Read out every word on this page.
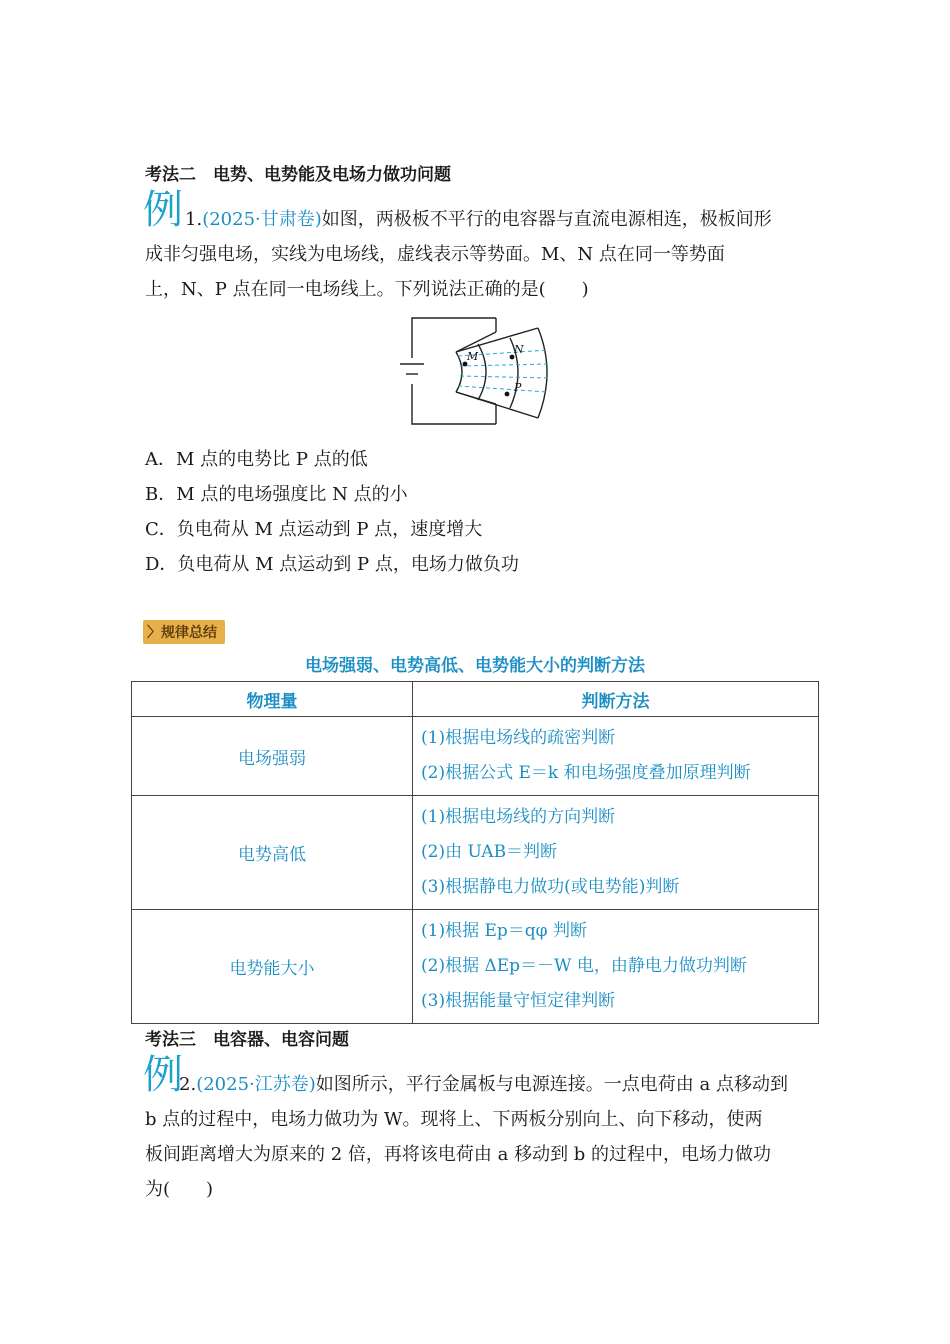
考法二　电势、电势能及电场力做功问题
例 1.(2025·甘肃卷)如图，两极板不平行的电容器与直流电源相连，极板间形
成非匀强电场，实线为电场线，虚线表示等势面。M、N 点在同一等势面
上，N、P 点在同一电场线上。下列说法正确的是(　　)
M
N
P
A．M 点的电势比 P 点的低
B．M 点的电场强度比 N 点的小
C．负电荷从 M 点运动到 P 点，速度增大
D．负电荷从 M 点运动到 P 点，电场力做负功
〉规律总结
电场强弱、电势高低、电势能大小的判断方法
物理量	判断方法
电场强弱	(1)根据电场线的疏密判断
(2)根据公式 E＝k 和电场强度叠加原理判断

电势高低	(1)根据电场线的方向判断
(2)由 UAB＝判断
(3)根据静电力做功(或电势能)判断

电势能大小	(1)根据 Ep＝qφ 判断
(2)根据 ΔEp＝－W 电，由静电力做功判断
(3)根据能量守恒定律判断
考法三　电容器、电容问题
例
2.(2025·江苏卷)如图所示，平行金属板与电源连接。一点电荷由 a 点移动到
b 点的过程中，电场力做功为 W。现将上、下两板分别向上、向下移动，使两
板间距离增大为原来的 2 倍，再将该电荷由 a 移动到 b 的过程中，电场力做功
为(　　)
